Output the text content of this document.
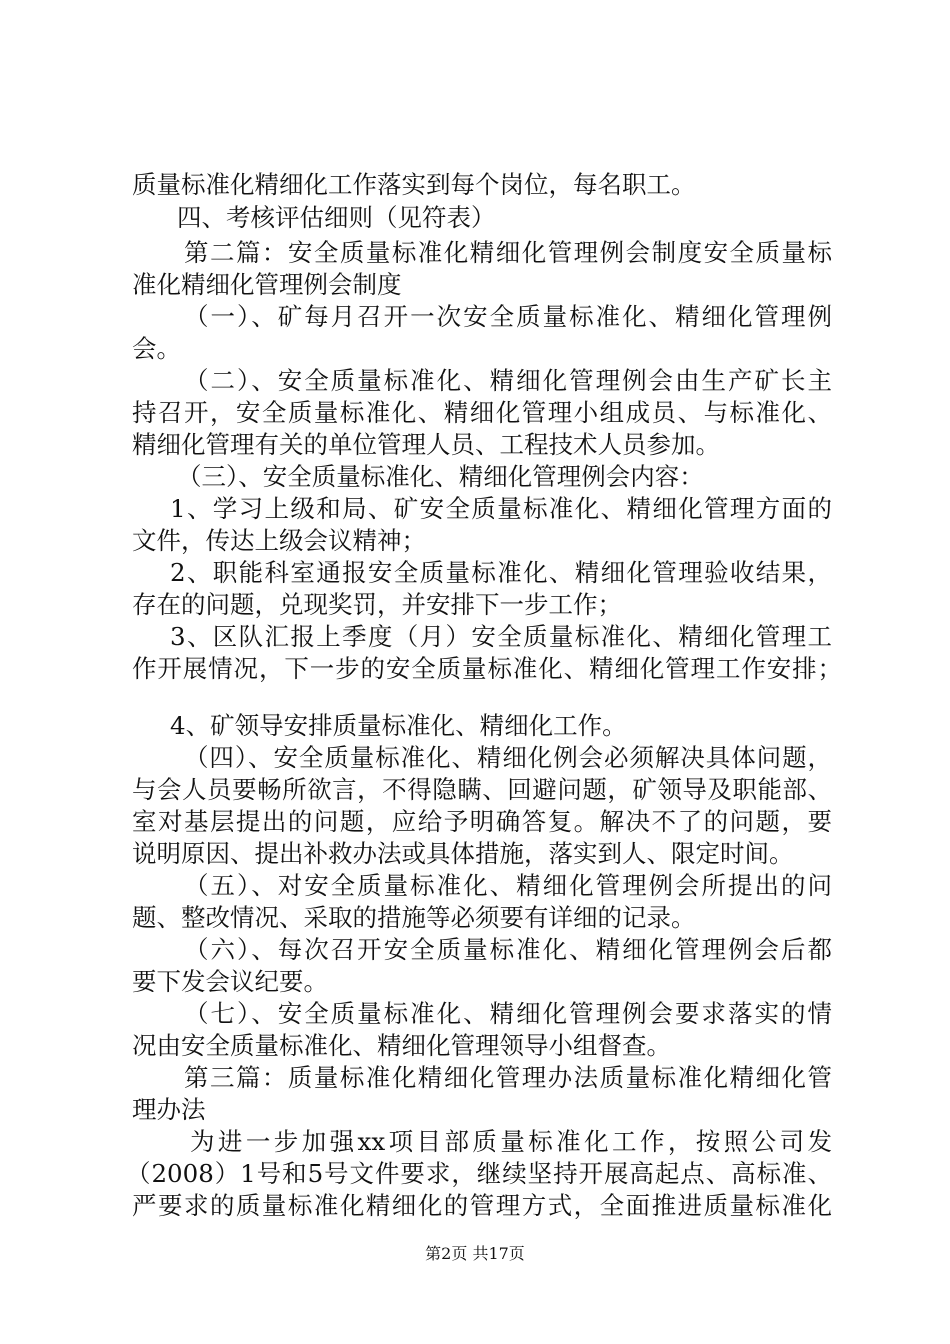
质量标准化精细化工作落实到每个岗位，每名职工。
四、考核评估细则（见符表）
第二篇：安全质量标准化精细化管理例会制度安全质量标
准化精细化管理例会制度
（一）、矿每月召开一次安全质量标准化、精细化管理例
会。
（二）、安全质量标准化、精细化管理例会由生产矿长主
持召开，安全质量标准化、精细化管理小组成员、与标准化、
精细化管理有关的单位管理人员、工程技术人员参加。
（三）、安全质量标准化、精细化管理例会内容：
1、学习上级和局、矿安全质量标准化、精细化管理方面的
文件，传达上级会议精神；
2、职能科室通报安全质量标准化、精细化管理验收结果，
存在的问题，兑现奖罚，并安排下一步工作；
3、区队汇报上季度（月）安全质量标准化、精细化管理工
作开展情况，下一步的安全质量标准化、精细化管理工作安排；
4、矿领导安排质量标准化、精细化工作。
（四）、安全质量标准化、精细化例会必须解决具体问题，
与会人员要畅所欲言，不得隐瞒、回避问题，矿领导及职能部、
室对基层提出的问题，应给予明确答复。解决不了的问题，要
说明原因、提出补救办法或具体措施，落实到人、限定时间。
（五）、对安全质量标准化、精细化管理例会所提出的问
题、整改情况、采取的措施等必须要有详细的记录。
（六）、每次召开安全质量标准化、精细化管理例会后都
要下发会议纪要。
（七）、安全质量标准化、精细化管理例会要求落实的情
况由安全质量标准化、精细化管理领导小组督查。
第三篇：质量标准化精细化管理办法质量标准化精细化管
理办法
为进一步加强xx项目部质量标准化工作，按照公司发
（2008）1号和5号文件要求，继续坚持开展高起点、高标准、
严要求的质量标准化精细化的管理方式，全面推进质量标准化
第2页 共17页
